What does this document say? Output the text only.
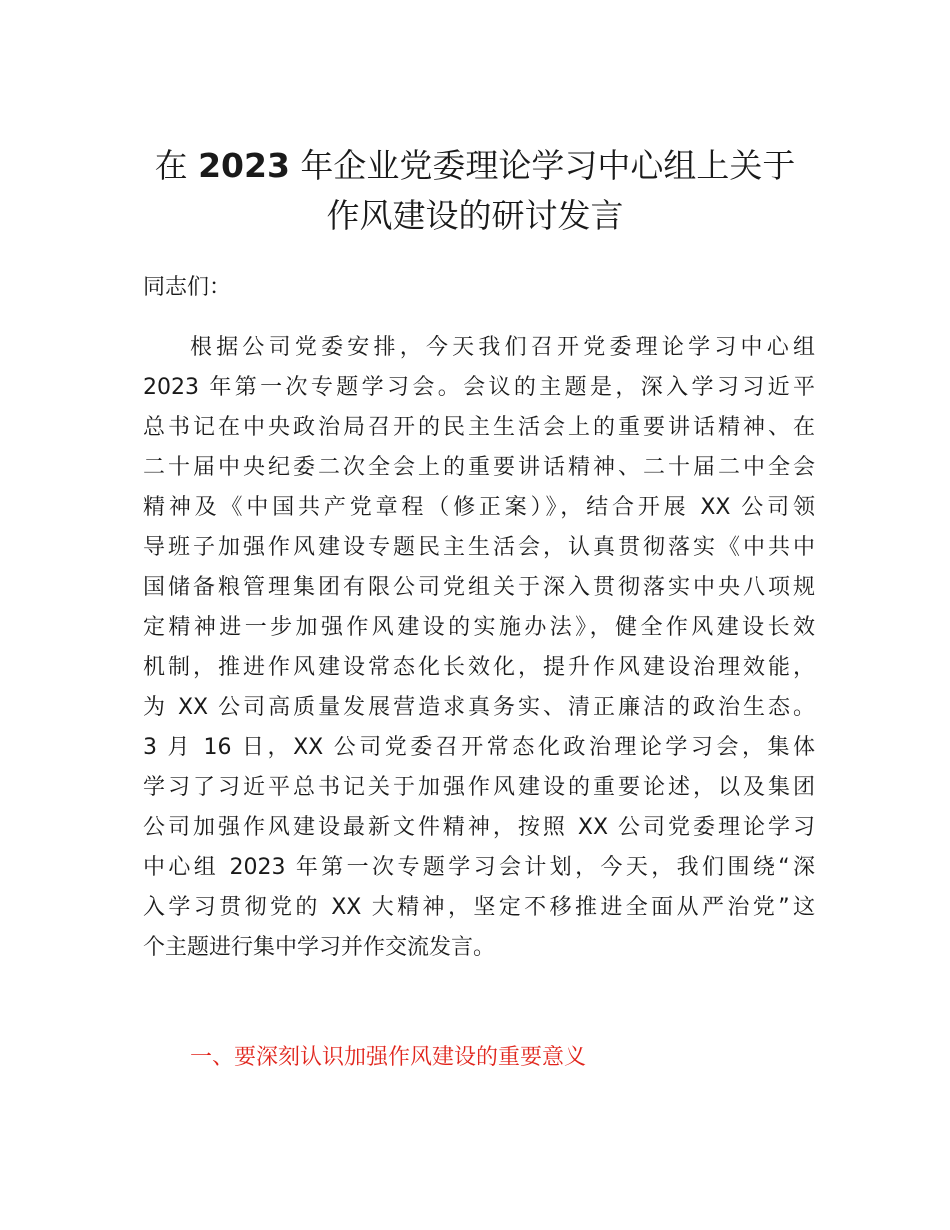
在 2023 年企业党委理论学习中心组上关于
作风建设的研讨发言

同志们：

根据公司党委安排，今天我们召开党委理论学习中心组

2023 年第一次专题学习会。会议的主题是，深入学习习近平

总书记在中央政治局召开的民主生活会上的重要讲话精神、在

二十届中央纪委二次全会上的重要讲话精神、二十届二中全会

精神及《中国共产党章程（修正案）》，结合开展 XX 公司领

导班子加强作风建设专题民主生活会，认真贯彻落实《中共中

国储备粮管理集团有限公司党组关于深入贯彻落实中央八项规

定精神进一步加强作风建设的实施办法》，健全作风建设长效

机制，推进作风建设常态化长效化，提升作风建设治理效能，

为 XX 公司高质量发展营造求真务实、清正廉洁的政治生态。

3 月 16 日，XX 公司党委召开常态化政治理论学习会，集体

学习了习近平总书记关于加强作风建设的重要论述，以及集团

公司加强作风建设最新文件精神，按照 XX 公司党委理论学习

中心组 2023 年第一次专题学习会计划，今天，我们围绕“深

入学习贯彻党的 XX 大精神，坚定不移推进全面从严治党”这

个主题进行集中学习并作交流发言。

一、要深刻认识加强作风建设的重要意义
